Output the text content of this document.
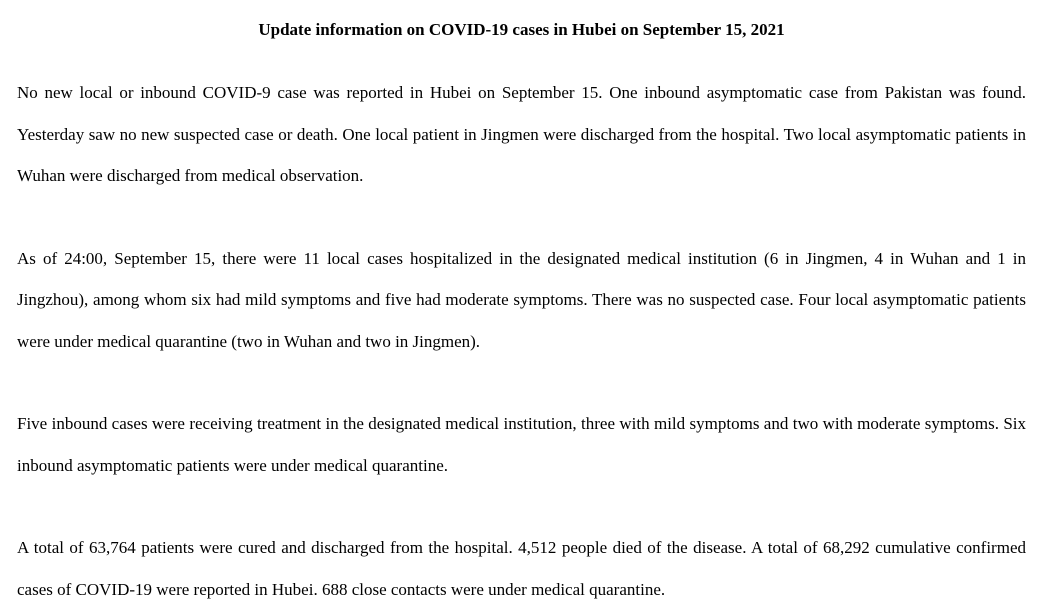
Update information on COVID-19 cases in Hubei on September 15, 2021

No new local or inbound COVID-9 case was reported in Hubei on September 15. One inbound asymptomatic case from Pakistan was found. Yesterday saw no new suspected case or death. One local patient in Jingmen were discharged from the hospital. Two local asymptomatic patients in Wuhan were discharged from medical observation.

As of 24:00, September 15, there were 11 local cases hospitalized in the designated medical institution (6 in Jingmen, 4 in Wuhan and 1 in Jingzhou), among whom six had mild symptoms and five had moderate symptoms. There was no suspected case. Four local asymptomatic patients were under medical quarantine (two in Wuhan and two in Jingmen).

Five inbound cases were receiving treatment in the designated medical institution, three with mild symptoms and two with moderate symptoms. Six inbound asymptomatic patients were under medical quarantine.

A total of 63,764 patients were cured and discharged from the hospital. 4,512 people died of the disease. A total of 68,292 cumulative confirmed cases of COVID-19 were reported in Hubei. 688 close contacts were under medical quarantine.
